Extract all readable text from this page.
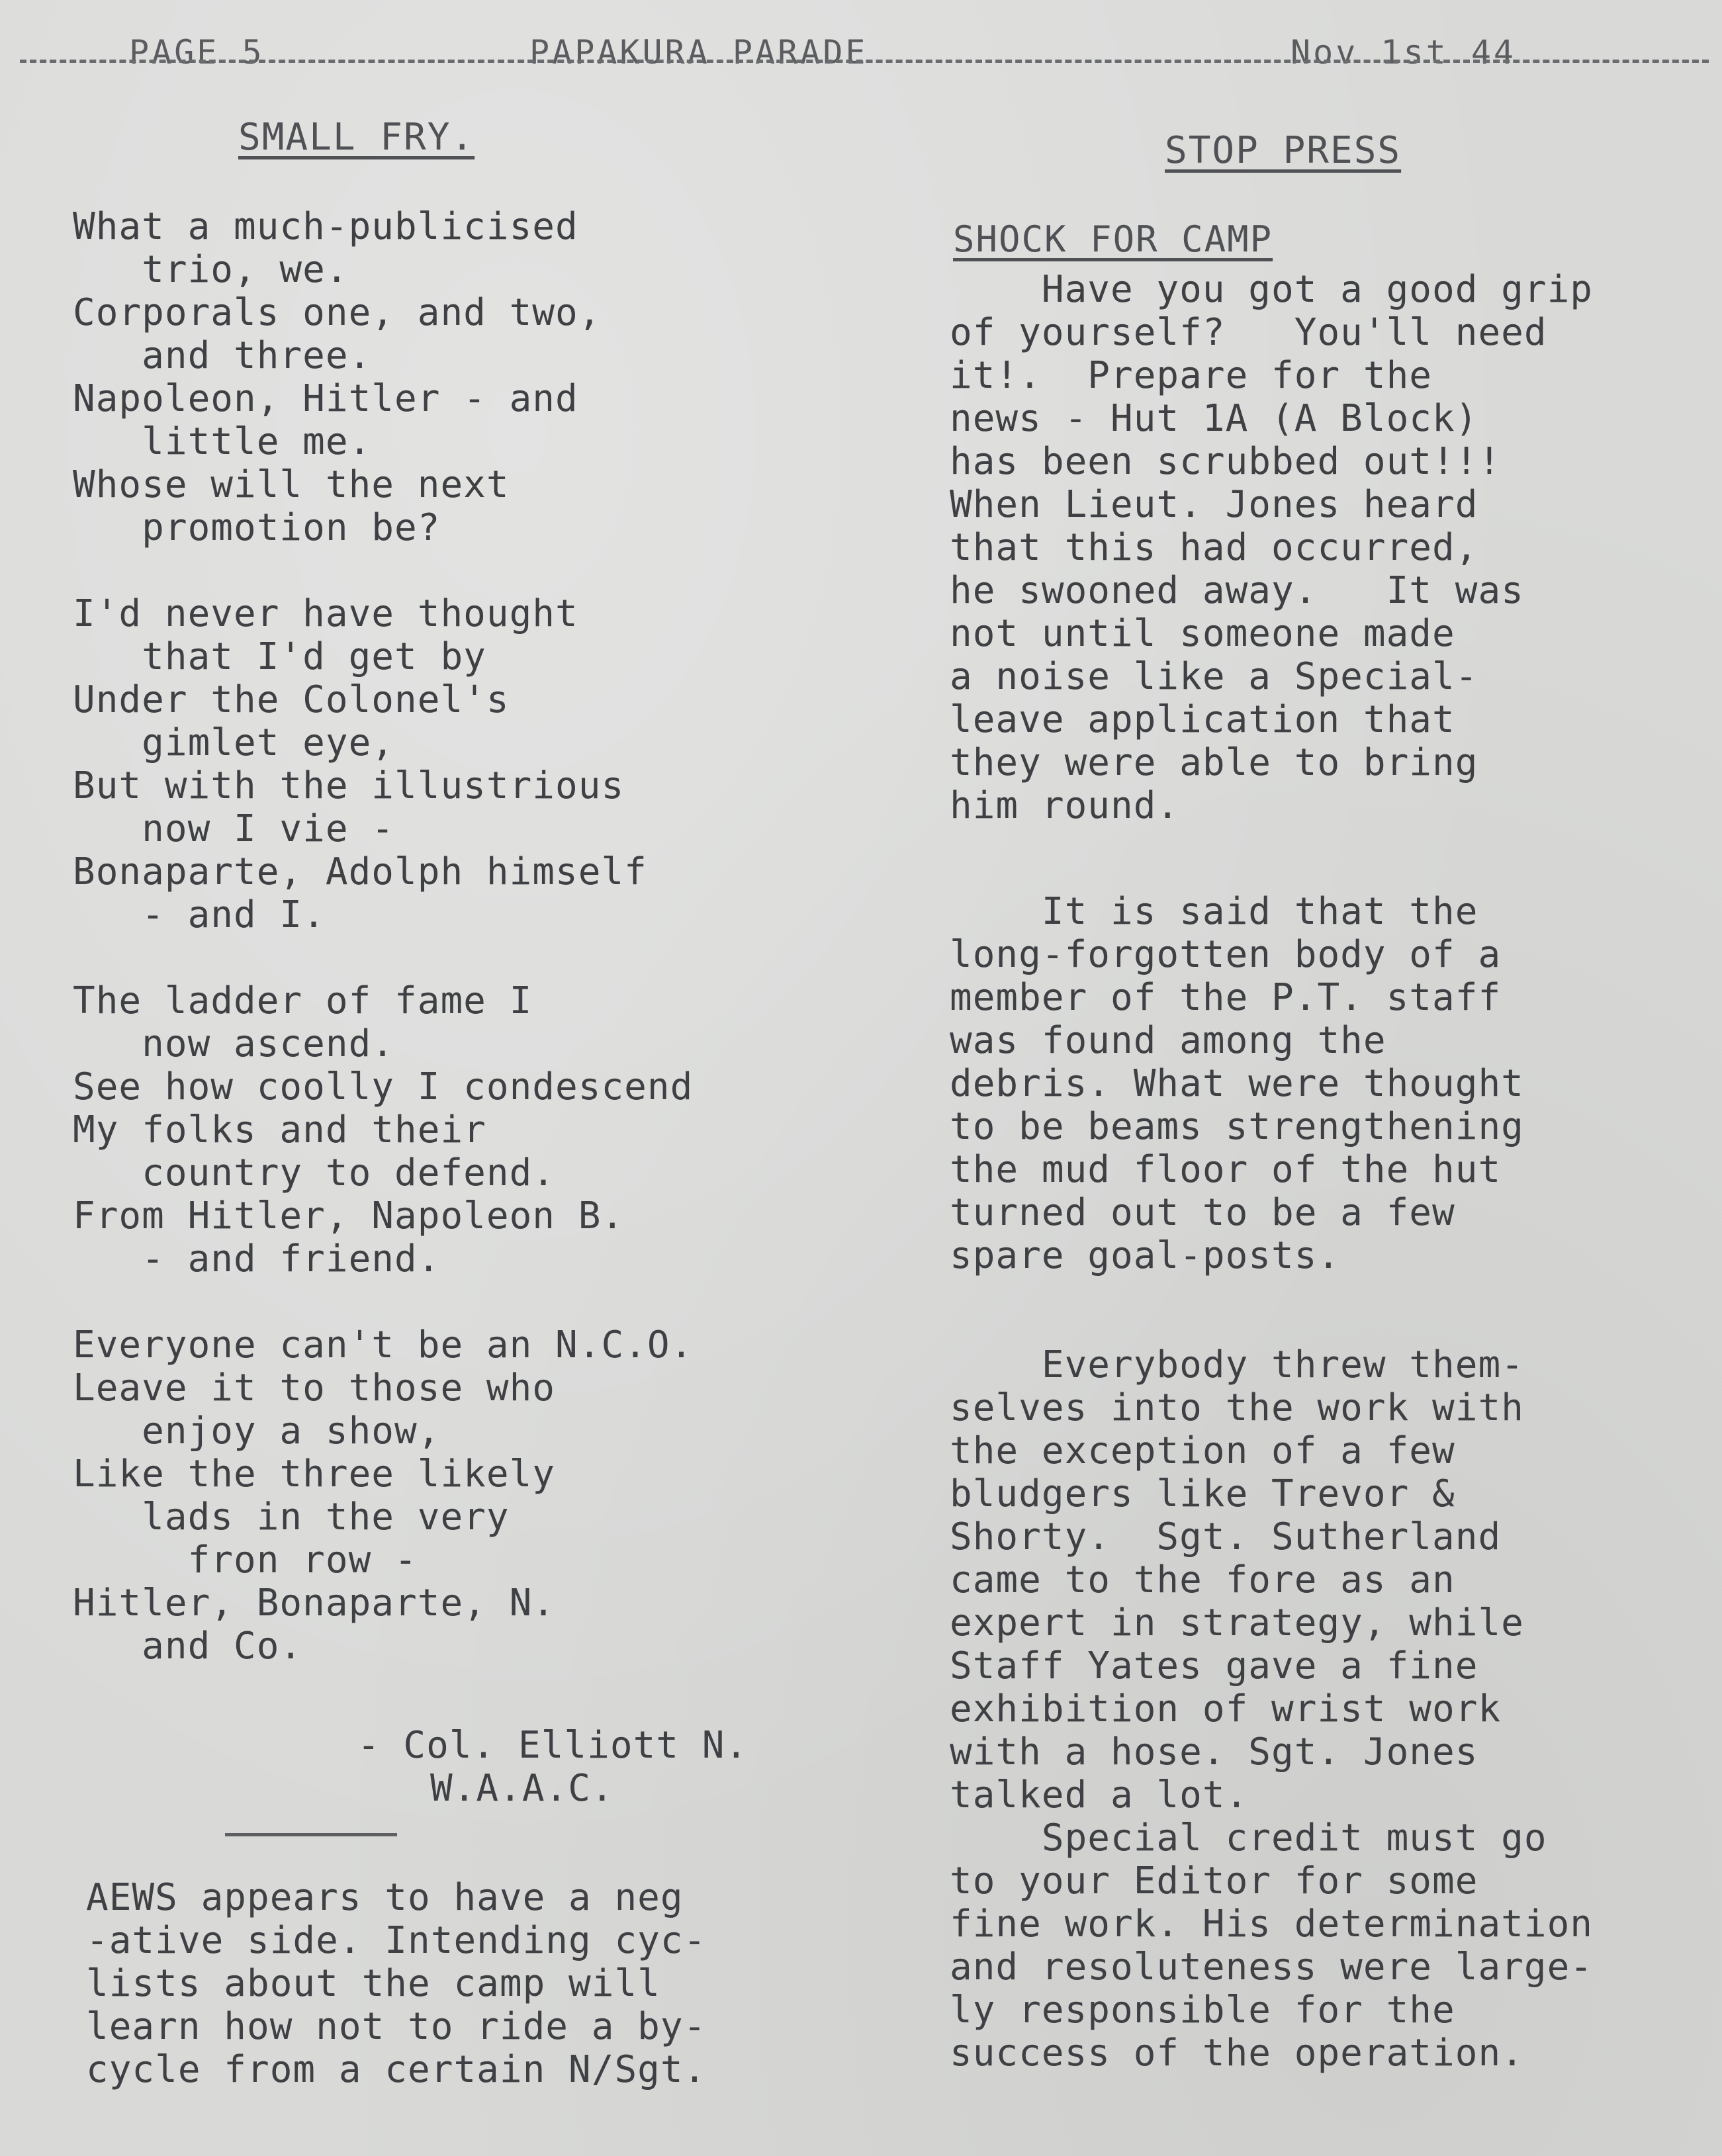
PAGE 5	PAPAKURA PARADE	Nov 1st 44
SMALL FRY.
What a much-publicised
trio, we.
Corporals one, and two,
and three.
Napoleon, Hitler - and
little me.
Whose will the next
promotion be?
I'd never have thought
that I'd get by
Under the Colonel's
gimlet eye,
But with the illustrious
now I vie -
Bonaparte, Adolph himself
- and I.
The ladder of fame I
now ascend.
See how coolly I condescend
My folks and their
country to defend.
From Hitler, Napoleon B.
- and friend.
Everyone can't be an N.C.O.
Leave it to those who
enjoy a show,
Like the three likely
lads in the very
fron row -
Hitler, Bonaparte, N.
and Co.
- Col. Elliott N.
W.A.A.C.
AEWS appears to have a neg
-ative side. Intending cyc-
lists about the camp will
learn how not to ride a by-
cycle from a certain N/Sgt.
STOP PRESS
SHOCK FOR CAMP
Have you got a good grip
of yourself?   You'll need
it!.  Prepare for the
news - Hut 1A (A Block)
has been scrubbed out!!!
When Lieut. Jones heard
that this had occurred,
he swooned away.   It was
not until someone made
a noise like a Special-
leave application that
they were able to bring
him round.
It is said that the
long-forgotten body of a
member of the P.T. staff
was found among the
debris. What were thought
to be beams strengthening
the mud floor of the hut
turned out to be a few
spare goal-posts.
Everybody threw them-
selves into the work with
the exception of a few
bludgers like Trevor &
Shorty.  Sgt. Sutherland
came to the fore as an
expert in strategy, while
Staff Yates gave a fine
exhibition of wrist work
with a hose. Sgt. Jones
talked a lot.
Special credit must go
to your Editor for some
fine work. His determination
and resoluteness were large-
ly responsible for the
success of the operation.
